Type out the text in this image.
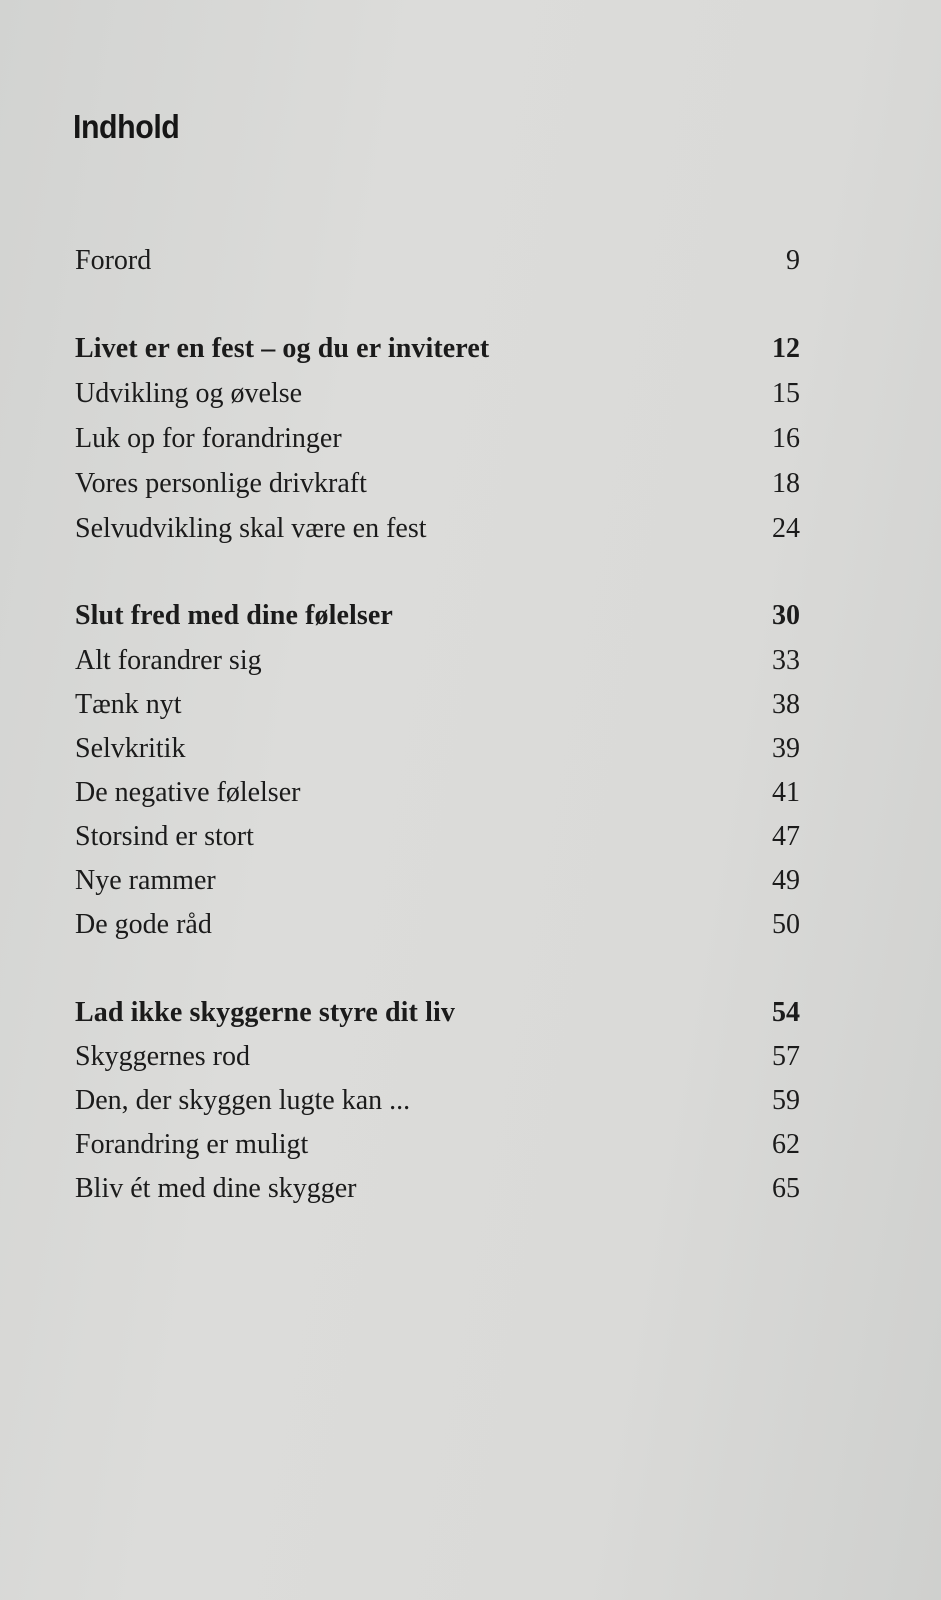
Indhold
Forord	9
Livet er en fest – og du er inviteret	12
Udvikling og øvelse	15
Luk op for forandringer	16
Vores personlige drivkraft	18
Selvudvikling skal være en fest	24
Slut fred med dine følelser	30
Alt forandrer sig	33
Tænk nyt	38
Selvkritik	39
De negative følelser	41
Storsind er stort	47
Nye rammer	49
De gode råd	50
Lad ikke skyggerne styre dit liv	54
Skyggernes rod	57
Den, der skyggen lugte kan ...	59
Forandring er muligt	62
Bliv ét med dine skygger	65
